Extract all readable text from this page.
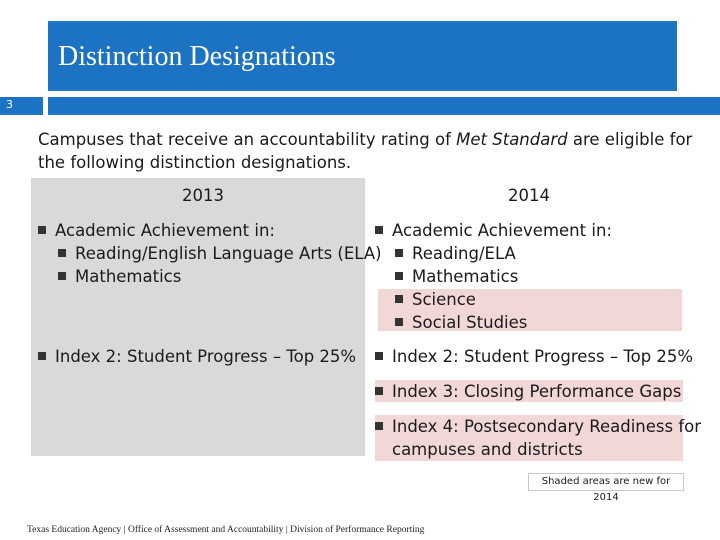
Distinction Designations
3
Campuses that receive an accountability rating of Met Standard are eligible for the following distinction designations.
2013	2014
Academic Achievement in:
Reading/English Language Arts (ELA)
Mathematics
Index 2: Student Progress – Top 25%
Academic Achievement in:
Reading/ELA
Mathematics
Science
Social Studies
Index 2: Student Progress – Top 25%
Index 3: Closing Performance Gaps
Index 4: Postsecondary Readiness for
campuses and districts
Shaded areas are new for 2014
Texas Education Agency | Office of Assessment and Accountability | Division of Performance Reporting
